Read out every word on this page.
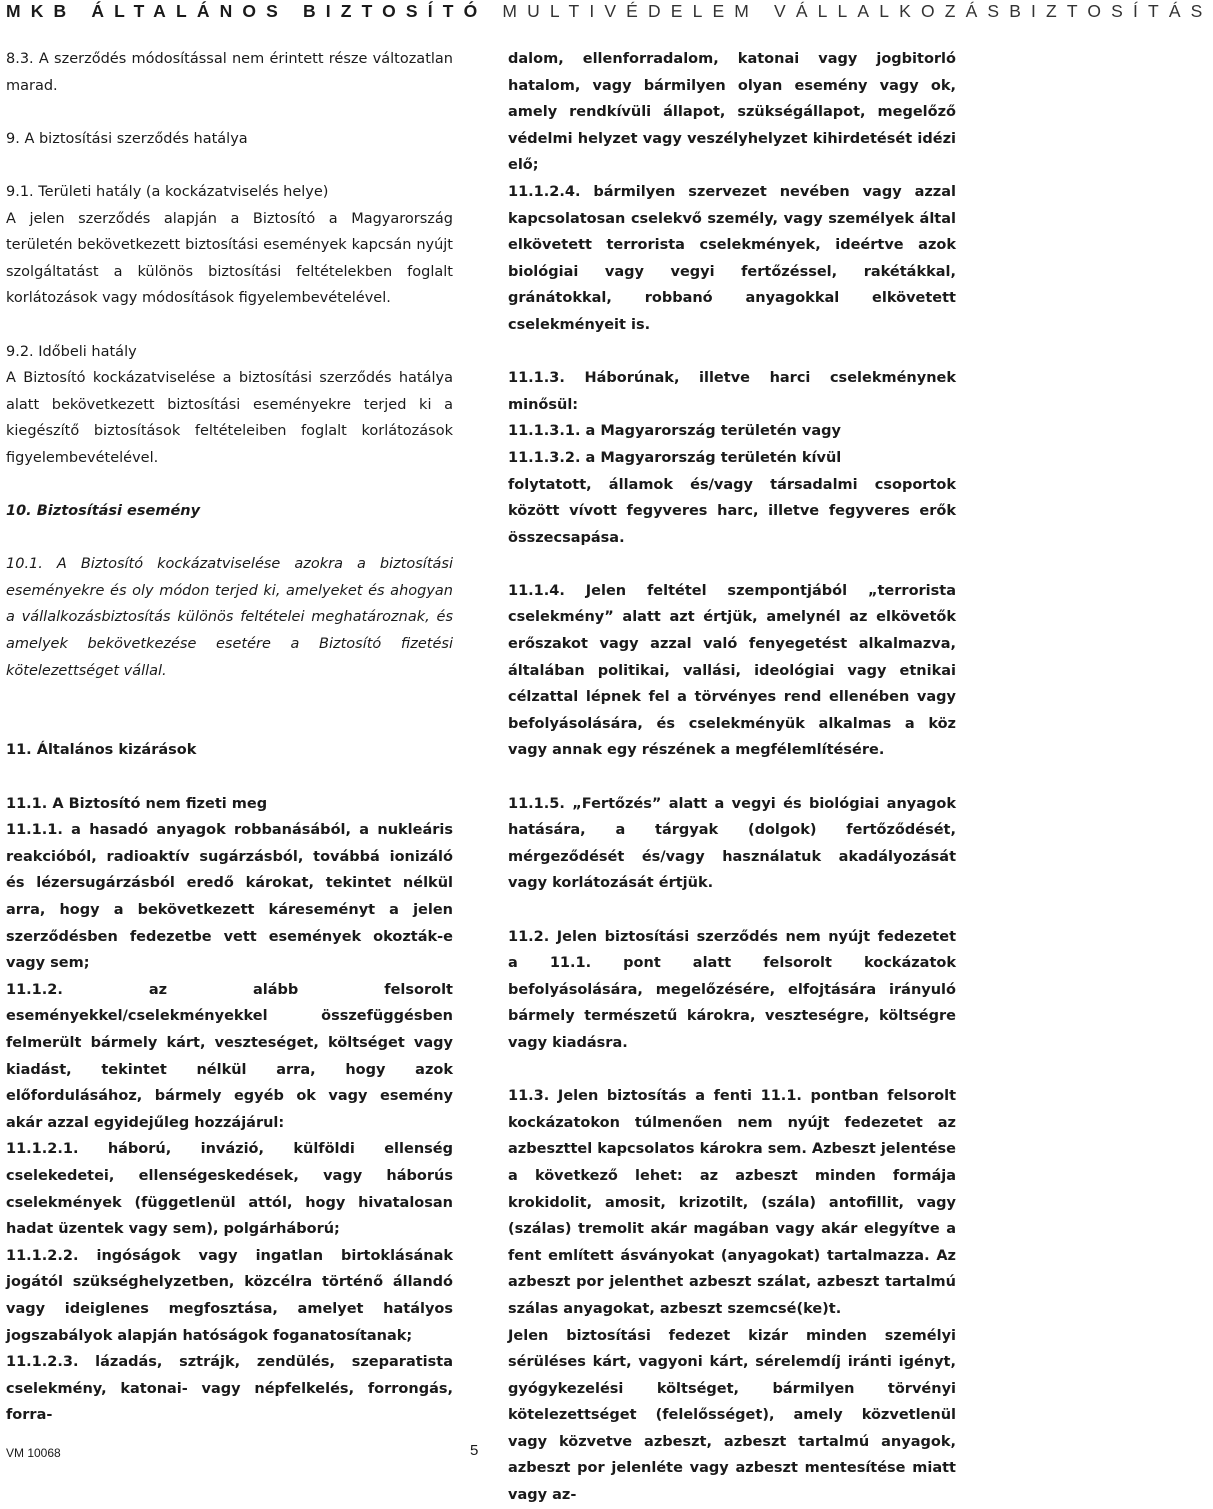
MKB ÁLTALÁNOS BIZTOSÍTÓ MULTIVÉDELEM VÁLLALKOZÁSBIZTOSÍTÁS

8.3. A szerződés módosítással nem érintett része változatlan marad.

9. A biztosítási szerződés hatálya

9.1. Területi hatály (a kockázatviselés helye)

A jelen szerződés alapján a Biztosító a Magyarország területén bekövetkezett biztosítási események kapcsán nyújt szolgáltatást a különös biztosítási feltételekben foglalt korlátozások vagy módosítások figyelembevételével.

9.2. Időbeli hatály

A Biztosító kockázatviselése a biztosítási szerződés hatálya alatt bekövetkezett biztosítási eseményekre terjed ki a kiegészítő biztosítások feltételeiben foglalt korlátozások figyelembevételével.

10. Biztosítási esemény

10.1. A Biztosító kockázatviselése azokra a biztosítási eseményekre és oly módon terjed ki, amelyeket és ahogyan a vállalkozásbiztosítás különös feltételei meghatároznak, és amelyek bekövetkezése esetére a Biztosító fizetési kötelezettséget vállal.

11. Általános kizárások

11.1. A Biztosító nem fizeti meg

11.1.1. a hasadó anyagok robbanásából, a nukleáris reakcióból, radioaktív sugárzásból, továbbá ionizáló és lézersugárzásból eredő károkat, tekintet nélkül arra, hogy a bekövetkezett káreseményt a jelen szerződésben fedezetbe vett események okozták-e vagy sem;

11.1.2. az alább felsorolt eseményekkel/cselekményekkel összefüggésben felmerült bármely kárt, veszteséget, költséget vagy kiadást, tekintet nélkül arra, hogy azok előfordulásához, bármely egyéb ok vagy esemény akár azzal egyidejűleg hozzájárul:

11.1.2.1. háború, invázió, külföldi ellenség cselekedetei, ellenségeskedések, vagy háborús cselekmények (függetlenül attól, hogy hivatalosan hadat üzentek vagy sem), polgárháború;

11.1.2.2. ingóságok vagy ingatlan birtoklásának jogától szükséghelyzetben, közcélra történő állandó vagy ideiglenes megfosztása, amelyet hatályos jogszabályok alapján hatóságok foganatosítanak;

11.1.2.3. lázadás, sztrájk, zendülés, szeparatista cselekmény, katonai- vagy népfelkelés, forrongás, forra-

dalom, ellenforradalom, katonai vagy jogbitorló hatalom, vagy bármilyen olyan esemény vagy ok, amely rendkívüli állapot, szükségállapot, megelőző védelmi helyzet vagy veszélyhelyzet kihirdetését idézi elő;

11.1.2.4. bármilyen szervezet nevében vagy azzal kapcsolatosan cselekvő személy, vagy személyek által elkövetett terrorista cselekmények, ideértve azok biológiai vagy vegyi fertőzéssel, rakétákkal, gránátokkal, robbanó anyagokkal elkövetett cselekményeit is.

11.1.3. Háborúnak, illetve harci cselekménynek minősül:

11.1.3.1. a Magyarország területén vagy

11.1.3.2. a Magyarország területén kívül

folytatott, államok és/vagy társadalmi csoportok között vívott fegyveres harc, illetve fegyveres erők összecsapása.

11.1.4. Jelen feltétel szempontjából „terrorista cselekmény” alatt azt értjük, amelynél az elkövetők erőszakot vagy azzal való fenyegetést alkalmazva, általában politikai, vallási, ideológiai vagy etnikai célzattal lépnek fel a törvényes rend ellenében vagy befolyásolására, és cselekményük alkalmas a köz vagy annak egy részének a megfélemlítésére.

11.1.5. „Fertőzés” alatt a vegyi és biológiai anyagok hatására, a tárgyak (dolgok) fertőződését, mérgeződését és/vagy használatuk akadályozását vagy korlátozását értjük.

11.2. Jelen biztosítási szerződés nem nyújt fedezetet a 11.1. pont alatt felsorolt kockázatok befolyásolására, megelőzésére, elfojtására irányuló bármely természetű károkra, veszteségre, költségre vagy kiadásra.

11.3. Jelen biztosítás a fenti 11.1. pontban felsorolt kockázatokon túlmenően nem nyújt fedezetet az azbeszttel kapcsolatos károkra sem. Azbeszt jelentése a következő lehet: az azbeszt minden formája krokidolit, amosit, krizotilt, (szála) antofillit, vagy (szálas) tremolit akár magában vagy akár elegyítve a fent említett ásványokat (anyagokat) tartalmazza. Az azbeszt por jelenthet azbeszt szálat, azbeszt tartalmú szálas anyagokat, azbeszt szemcsé(ke)t.

Jelen biztosítási fedezet kizár minden személyi sérüléses kárt, vagyoni kárt, sérelemdíj iránti igényt, gyógykezelési költséget, bármilyen törvényi kötelezettséget (felelősséget), amely közvetlenül vagy közvetve azbeszt, azbeszt tartalmú anyagok, azbeszt por jelenléte vagy azbeszt mentesítése miatt vagy az-

VM 10068	5
